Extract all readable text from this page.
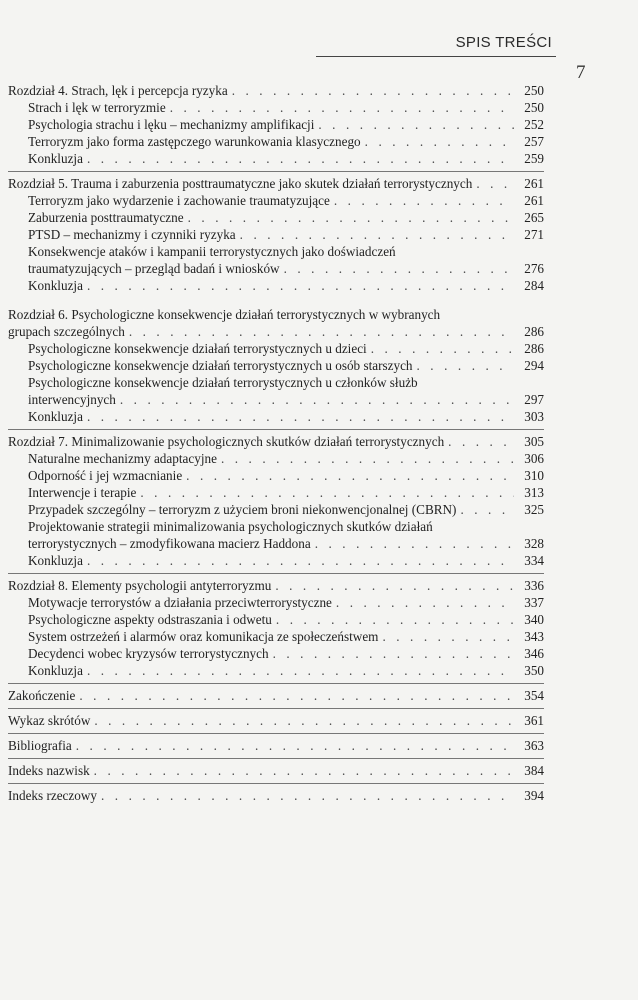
SPIS TREŚCI
7
Rozdział 4. Strach, lęk i percepcja ryzyka . . .	250
Strach i lęk w terroryzmie . . .	250
Psychologia strachu i lęku – mechanizmy amplifikacji . . .	252
Terroryzm jako forma zastępczego warunkowania klasycznego . . .	257
Konkluzja . . .	259
Rozdział 5. Trauma i zaburzenia posttraumatyczne jako skutek działań terrorystycznych . . .	261
Terroryzm jako wydarzenie i zachowanie traumatyzujące . . .	261
Zaburzenia posttraumatyczne . . .	265
PTSD – mechanizmy i czynniki ryzyka . . .	271
Konsekwencje ataków i kampanii terrorystycznych jako doświadczeń
traumatyzujących – przegląd badań i wniosków . . .	276
Konkluzja . . .	284
Rozdział 6. Psychologiczne konsekwencje działań terrorystycznych w wybranych
grupach szczególnych . . .	286
Psychologiczne konsekwencje działań terrorystycznych u dzieci . . .	286
Psychologiczne konsekwencje działań terrorystycznych u osób starszych . . .	294
Psychologiczne konsekwencje działań terrorystycznych u członków służb
interwencyjnych . . .	297
Konkluzja . . .	303
Rozdział 7. Minimalizowanie psychologicznych skutków działań terrorystycznych . . .	305
Naturalne mechanizmy adaptacyjne . . .	306
Odporność i jej wzmacnianie . . .	310
Interwencje i terapie . . .	313
Przypadek szczególny – terroryzm z użyciem broni niekonwencjonalnej (CBRN) . . .	325
Projektowanie strategii minimalizowania psychologicznych skutków działań
terrorystycznych – zmodyfikowana macierz Haddona . . .	328
Konkluzja . . .	334
Rozdział 8. Elementy psychologii antyterroryzmu . . .	336
Motywacje terrorystów a działania przeciwterrorystyczne . . .	337
Psychologiczne aspekty odstraszania i odwetu . . .	340
System ostrzeżeń i alarmów oraz komunikacja ze społeczeństwem . . .	343
Decydenci wobec kryzysów terrorystycznych . . .	346
Konkluzja . . .	350
Zakończenie . . .	354
Wykaz skrótów . . .	361
Bibliografia . . .	363
Indeks nazwisk . . .	384
Indeks rzeczowy . . .	394
